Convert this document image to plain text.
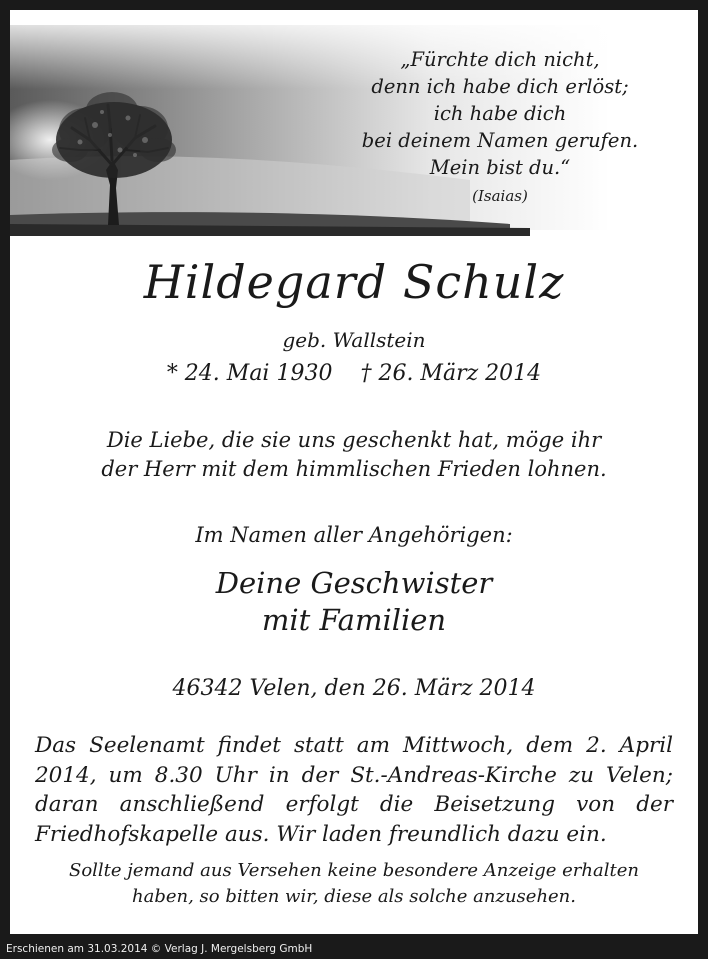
„Fürchte dich nicht,
denn ich habe dich erlöst;
ich habe dich
bei deinem Namen gerufen.
Mein bist du.“
(Isaias)
Hildegard Schulz
geb. Wallstein
* 24. Mai 1930 † 26. März 2014
Die Liebe, die sie uns geschenkt hat, möge ihr
der Herr mit dem himmlischen Frieden lohnen.
Im Namen aller Angehörigen:
Deine Geschwister
mit Familien
46342 Velen, den 26. März 2014
Das Seelenamt findet statt am Mittwoch, dem 2. April 2014, um 8.30 Uhr in der St.-Andreas-Kirche zu Velen; daran anschließend erfolgt die Beisetzung von der Friedhofskapelle aus. Wir laden freundlich dazu ein.
Sollte jemand aus Versehen keine besondere Anzeige erhalten
haben, so bitten wir, diese als solche anzusehen.
Erschienen am 31.03.2014 © Verlag J. Mergelsberg GmbH
